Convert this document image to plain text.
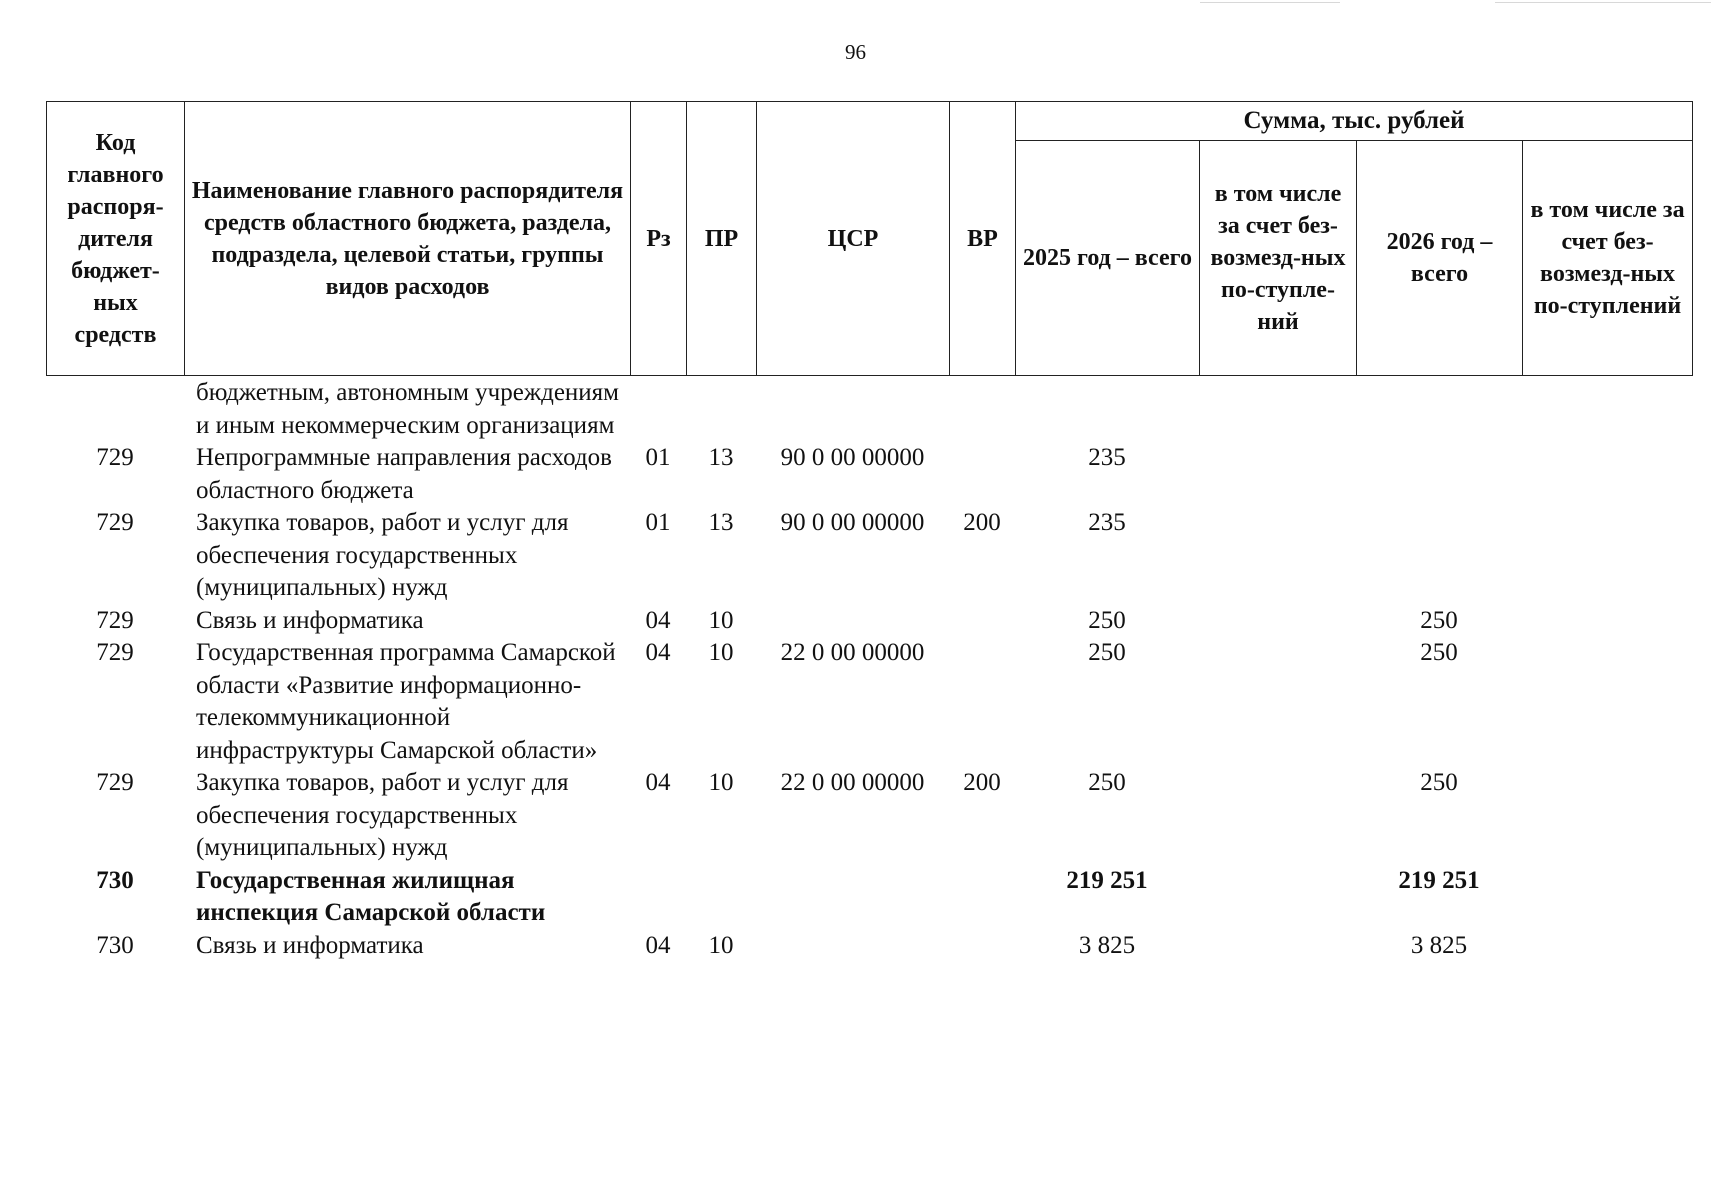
96
Код главного распоря-дителя бюджет-ных средств	Наименование главного распорядителя средств областного бюджета, раздела, подраздела, целевой статьи, группы видов расходов	Рз	ПР	ЦСР	ВР	Сумма, тыс. рублей			
						2025 год – всего	в том числе за счет без-возмезд-ных по-ступле-ний	2026 год – всего	в том числе за счет без-возмезд-ных по-ступлений
	бюджетным, автономным учреждениям и иным некоммерческим организациям								
729	Непрограммные направления расходов областного бюджета	01	13	90 0 00 00000		235			
729	Закупка товаров, работ и услуг для обеспечения государственных (муниципальных) нужд	01	13	90 0 00 00000	200	235			
729	Связь и информатика	04	10			250		250	
729	Государственная программа Самарской области «Развитие информационно-телекоммуникационной инфраструктуры Самарской области»	04	10	22 0 00 00000		250		250	
729	Закупка товаров, работ и услуг для обеспечения государственных (муниципальных) нужд	04	10	22 0 00 00000	200	250		250	
730	Государственная жилищная инспекция Самарской области					219 251		219 251	
730	Связь и информатика	04	10			3 825		3 825	
